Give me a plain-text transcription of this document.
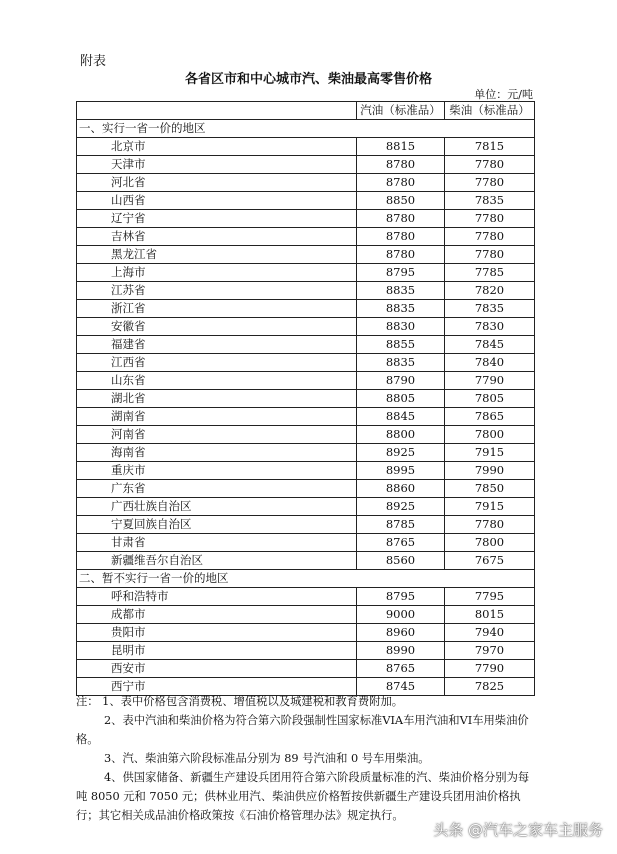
附表
各省区市和中心城市汽、柴油最高零售价格
单位：元/吨
	汽油（标准品）	柴油（标准品）
一、实行一省一价的地区		
北京市	8815	7815
天津市	8780	7780
河北省	8780	7780
山西省	8850	7835
辽宁省	8780	7780
吉林省	8780	7780
黑龙江省	8780	7780
上海市	8795	7785
江苏省	8835	7820
浙江省	8835	7835
安徽省	8830	7830
福建省	8855	7845
江西省	8835	7840
山东省	8790	7790
湖北省	8805	7805
湖南省	8845	7865
河南省	8800	7800
海南省	8925	7915
重庆市	8995	7990
广东省	8860	7850
广西壮族自治区	8925	7915
宁夏回族自治区	8785	7780
甘肃省	8765	7800
新疆维吾尔自治区	8560	7675
二、暂不实行一省一价的地区		
呼和浩特市	8795	7795
成都市	9000	8015
贵阳市	8960	7940
昆明市	8990	7970
西安市	8765	7790
西宁市	8745	7825

注： 1、表中价格包含消费税、增值税以及城建税和教育费附加。

2、表中汽油和柴油价格为符合第六阶段强制性国家标准VIA车用汽油和VI车用柴油价格。

3、汽、柴油第六阶段标准品分别为 89 号汽油和 0 号车用柴油。

4、供国家储备、新疆生产建设兵团用符合第六阶段质量标准的汽、柴油价格分别为每吨 8050 元和 7050 元；供林业用汽、柴油供应价格暂按供新疆生产建设兵团用油价格执行；其它相关成品油价格政策按《石油价格管理办法》规定执行。

头条 @汽车之家车主服务
